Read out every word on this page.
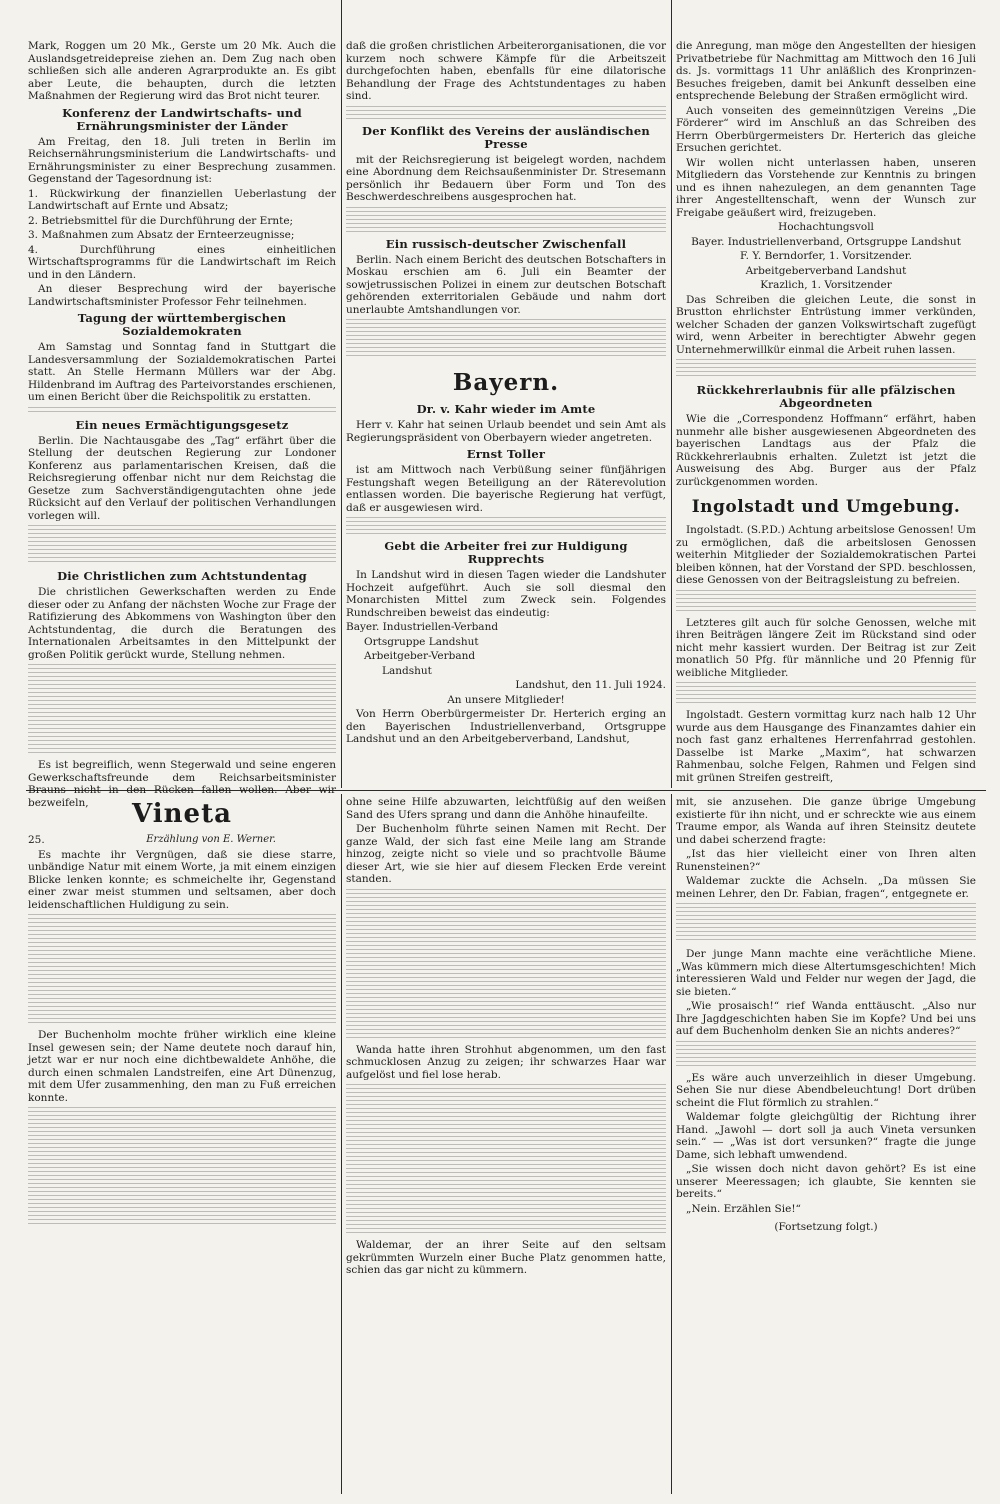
Mark, Roggen um 20 Mk., Gerste um 20 Mk. Auch die Auslandsgetreidepreise ziehen an. Dem Zug nach oben schließen sich alle anderen Agrarprodukte an. Es gibt aber Leute, die behaupten, durch die letzten Maßnahmen der Regierung wird das Brot nicht teurer.

Konferenz der Landwirtschafts- und Ernährungsminister der Länder

Am Freitag, den 18. Juli treten in Berlin im Reichsernährungsministerium die Landwirtschafts- und Ernährungsminister zu einer Besprechung zusammen. Gegenstand der Tagesordnung ist:

1. Rückwirkung der finanziellen Ueberlastung der Landwirtschaft auf Ernte und Absatz;

2. Betriebsmittel für die Durchführung der Ernte;

3. Maßnahmen zum Absatz der Ernteerzeugnisse;

4. Durchführung eines einheitlichen Wirtschaftsprogramms für die Landwirtschaft im Reich und in den Ländern.

An dieser Besprechung wird der bayerische Landwirtschaftsminister Professor Fehr teilnehmen.

Tagung der württembergischen Sozialdemokraten

Am Samstag und Sonntag fand in Stuttgart die Landesversammlung der Sozialdemokratischen Partei statt. An Stelle Hermann Müllers war der Abg. Hildenbrand im Auftrag des Parteivorstandes erschienen, um einen Bericht über die Reichspolitik zu erstatten.

Ein neues Ermächtigungsgesetz

Berlin. Die Nachtausgabe des „Tag“ erfährt über die Stellung der deutschen Regierung zur Londoner Konferenz aus parlamentarischen Kreisen, daß die Reichsregierung offenbar nicht nur dem Reichstag die Gesetze zum Sachverständigengutachten ohne jede Rücksicht auf den Verlauf der politischen Verhandlungen vorlegen will.

Die Christlichen zum Achtstundentag

Die christlichen Gewerkschaften werden zu Ende dieser oder zu Anfang der nächsten Woche zur Frage der Ratifizierung des Abkommens von Washington über den Achtstundentag, die durch die Beratungen des Internationalen Arbeitsamtes in den Mittelpunkt der großen Politik gerückt wurde, Stellung nehmen.

Es ist begreiflich, wenn Stegerwald und seine engeren Gewerkschaftsfreunde dem Reichsarbeitsminister Brauns nicht in den Rücken fallen wollen. Aber wir bezweifeln,

daß die großen christlichen Arbeiterorganisationen, die vor kurzem noch schwere Kämpfe für die Arbeitszeit durchgefochten haben, ebenfalls für eine dilatorische Behandlung der Frage des Achtstundentages zu haben sind.

Der Konflikt des Vereins der ausländischen Presse

mit der Reichsregierung ist beigelegt worden, nachdem eine Abordnung dem Reichsaußenminister Dr. Stresemann persönlich ihr Bedauern über Form und Ton des Beschwerdeschreibens ausgesprochen hat.

Ein russisch-deutscher Zwischenfall

Berlin. Nach einem Bericht des deutschen Botschafters in Moskau erschien am 6. Juli ein Beamter der sowjetrussischen Polizei in einem zur deutschen Botschaft gehörenden exterritorialen Gebäude und nahm dort unerlaubte Amtshandlungen vor.

Bayern.
Dr. v. Kahr wieder im Amte

Herr v. Kahr hat seinen Urlaub beendet und sein Amt als Regierungspräsident von Oberbayern wieder angetreten.

Ernst Toller

ist am Mittwoch nach Verbüßung seiner fünfjährigen Festungshaft wegen Beteiligung an der Räterevolution entlassen worden. Die bayerische Regierung hat verfügt, daß er ausgewiesen wird.

Gebt die Arbeiter frei zur Huldigung Rupprechts

In Landshut wird in diesen Tagen wieder die Landshuter Hochzeit aufgeführt. Auch sie soll diesmal den Monarchisten Mittel zum Zweck sein. Folgendes Rundschreiben beweist das eindeutig:

Bayer. Industriellen-Verband

Ortsgruppe Landshut

Arbeitgeber-Verband

Landshut

Landshut, den 11. Juli 1924.

An unsere Mitglieder!

Von Herrn Oberbürgermeister Dr. Herterich erging an den Bayerischen Industriellenverband, Ortsgruppe Landshut und an den Arbeitgeberverband, Landshut,

die Anregung, man möge den Angestellten der hiesigen Privatbetriebe für Nachmittag am Mittwoch den 16 Juli ds. Js. vormittags 11 Uhr anläßlich des Kronprinzen-Besuches freigeben, damit bei Ankunft desselben eine entsprechende Belebung der Straßen ermöglicht wird.

Auch vonseiten des gemeinnützigen Vereins „Die Förderer“ wird im Anschluß an das Schreiben des Herrn Oberbürgermeisters Dr. Herterich das gleiche Ersuchen gerichtet.

Wir wollen nicht unterlassen haben, unseren Mitgliedern das Vorstehende zur Kenntnis zu bringen und es ihnen nahezulegen, an dem genannten Tage ihrer Angestelltenschaft, wenn der Wunsch zur Freigabe geäußert wird, freizugeben.

Hochachtungsvoll

Bayer. Industriellenverband, Ortsgruppe Landshut

F. Y. Berndorfer, 1. Vorsitzender.

Arbeitgeberverband Landshut

Krazlich, 1. Vorsitzender

Das Schreiben die gleichen Leute, die sonst in Brustton ehrlichster Entrüstung immer verkünden, welcher Schaden der ganzen Volkswirtschaft zugefügt wird, wenn Arbeiter in berechtigter Abwehr gegen Unternehmerwillkür einmal die Arbeit ruhen lassen.

Rückkehrerlaubnis für alle pfälzischen Abgeordneten

Wie die „Correspondenz Hoffmann“ erfährt, haben nunmehr alle bisher ausgewiesenen Abgeordneten des bayerischen Landtags aus der Pfalz die Rückkehrerlaubnis erhalten. Zuletzt ist jetzt die Ausweisung des Abg. Burger aus der Pfalz zurückgenommen worden.

Ingolstadt und Umgebung.

Ingolstadt. (S.P.D.) Achtung arbeitslose Genossen! Um zu ermöglichen, daß die arbeitslosen Genossen weiterhin Mitglieder der Sozialdemokratischen Partei bleiben können, hat der Vorstand der SPD. beschlossen, diese Genossen von der Beitragsleistung zu befreien.

Letzteres gilt auch für solche Genossen, welche mit ihren Beiträgen längere Zeit im Rückstand sind oder nicht mehr kassiert wurden. Der Beitrag ist zur Zeit monatlich 50 Pfg. für männliche und 20 Pfennig für weibliche Mitglieder.

Ingolstadt. Gestern vormittag kurz nach halb 12 Uhr wurde aus dem Hausgange des Finanzamtes dahier ein noch fast ganz erhaltenes Herrenfahrrad gestohlen. Dasselbe ist Marke „Maxim“, hat schwarzen Rahmenbau, solche Felgen, Rahmen und Felgen sind mit grünen Streifen gestreift,

Vineta
25.	Erzählung von E. Werner.

Es machte ihr Vergnügen, daß sie diese starre, unbändige Natur mit einem Worte, ja mit einem einzigen Blicke lenken konnte; es schmeichelte ihr, Gegenstand einer zwar meist stummen und seltsamen, aber doch leidenschaftlichen Huldigung zu sein.

Der Buchenholm mochte früher wirklich eine kleine Insel gewesen sein; der Name deutete noch darauf hin, jetzt war er nur noch eine dichtbewaldete Anhöhe, die durch einen schmalen Landstreifen, eine Art Dünenzug, mit dem Ufer zusammenhing, den man zu Fuß erreichen konnte.

ohne seine Hilfe abzuwarten, leichtfüßig auf den weißen Sand des Ufers sprang und dann die Anhöhe hinaufeilte.

Der Buchenholm führte seinen Namen mit Recht. Der ganze Wald, der sich fast eine Meile lang am Strande hinzog, zeigte nicht so viele und so prachtvolle Bäume dieser Art, wie sie hier auf diesem Flecken Erde vereint standen.

Wanda hatte ihren Strohhut abgenommen, um den fast schmucklosen Anzug zu zeigen; ihr schwarzes Haar war aufgelöst und fiel lose herab.

Waldemar, der an ihrer Seite auf den seltsam gekrümmten Wurzeln einer Buche Platz genommen hatte, schien das gar nicht zu kümmern.

mit, sie anzusehen. Die ganze übrige Umgebung existierte für ihn nicht, und er schreckte wie aus einem Traume empor, als Wanda auf ihren Steinsitz deutete und dabei scherzend fragte:

„Ist das hier vielleicht einer von Ihren alten Runensteinen?“

Waldemar zuckte die Achseln. „Da müssen Sie meinen Lehrer, den Dr. Fabian, fragen“, entgegnete er.

Der junge Mann machte eine verächtliche Miene. „Was kümmern mich diese Altertumsgeschichten! Mich interessieren Wald und Felder nur wegen der Jagd, die sie bieten.“

„Wie prosaisch!“ rief Wanda enttäuscht. „Also nur Ihre Jagdgeschichten haben Sie im Kopfe? Und bei uns auf dem Buchenholm denken Sie an nichts anderes?“

„Es wäre auch unverzeihlich in dieser Umgebung. Sehen Sie nur diese Abendbeleuchtung! Dort drüben scheint die Flut förmlich zu strahlen.“

Waldemar folgte gleichgültig der Richtung ihrer Hand. „Jawohl — dort soll ja auch Vineta versunken sein.“ — „Was ist dort versunken?“ fragte die junge Dame, sich lebhaft umwendend.

„Sie wissen doch nicht davon gehört? Es ist eine unserer Meeressagen; ich glaubte, Sie kennten sie bereits.“

„Nein. Erzählen Sie!“

(Fortsetzung folgt.)
